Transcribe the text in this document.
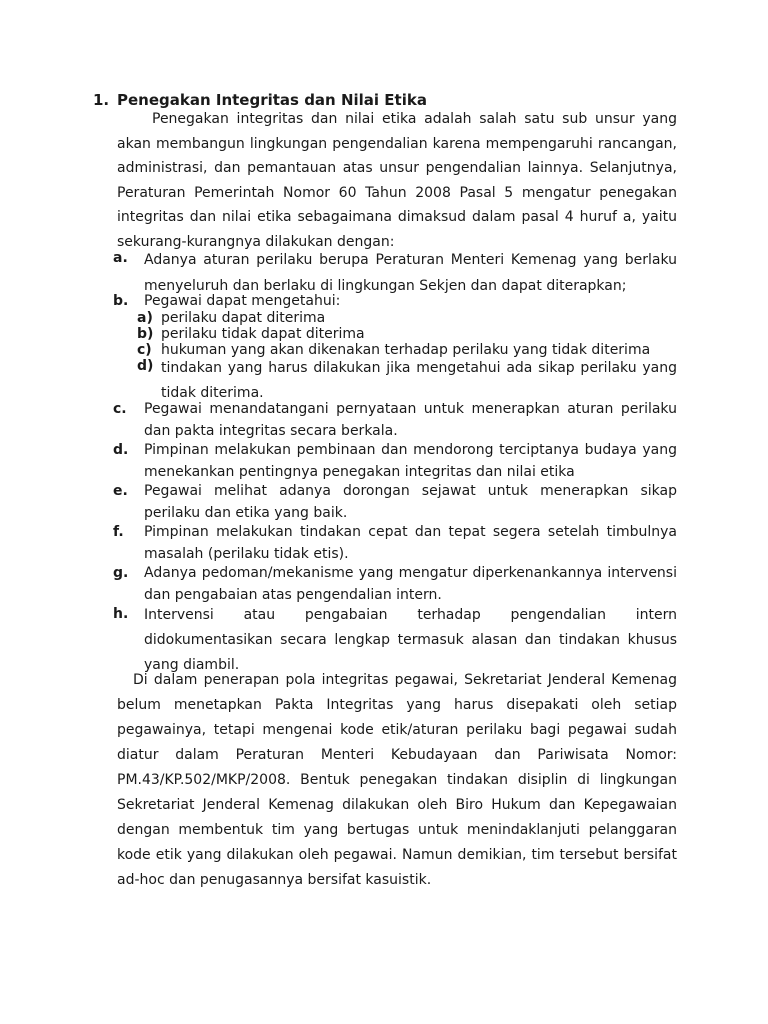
1. Penegakan Integritas dan Nilai Etika

Penegakan integritas dan nilai etika adalah salah satu sub unsur yang akan membangun lingkungan pengendalian karena mempengaruhi rancangan, administrasi, dan pemantauan atas unsur pengendalian lainnya. Selanjutnya, Peraturan Pemerintah Nomor 60 Tahun 2008 Pasal 5 mengatur penegakan integritas dan nilai etika sebagaimana dimaksud dalam pasal 4 huruf a, yaitu sekurang-kurangnya dilakukan dengan:

a.	Adanya aturan perilaku berupa Peraturan Menteri Kemenag yang berlaku menyeluruh dan berlaku di lingkungan Sekjen dan dapat diterapkan;
b.	Pegawai dapat mengetahui:
a) perilaku dapat diterima
b) perilaku tidak dapat diterima
c) hukuman yang akan dikenakan terhadap perilaku yang tidak diterima
d) tindakan yang harus dilakukan jika mengetahui ada sikap perilaku yang tidak diterima.
c.	Pegawai menandatangani pernyataan untuk menerapkan aturan perilaku dan pakta integritas secara berkala.
d.	Pimpinan melakukan pembinaan dan mendorong terciptanya budaya yang menekankan pentingnya penegakan integritas dan nilai etika
e.	Pegawai melihat adanya dorongan sejawat untuk menerapkan sikap perilaku dan etika yang baik.
f.	Pimpinan melakukan tindakan cepat dan tepat segera setelah timbulnya masalah (perilaku tidak etis).
g.	Adanya pedoman/mekanisme yang mengatur diperkenankannya intervensi dan pengabaian atas pengendalian intern.
h.	Intervensi atau pengabaian terhadap pengendalian intern didokumentasikan secara lengkap termasuk alasan dan tindakan khusus yang diambil.

Di dalam penerapan pola integritas pegawai, Sekretariat Jenderal Kemenag belum menetapkan Pakta Integritas yang harus disepakati oleh setiap pegawainya, tetapi mengenai kode etik/aturan perilaku bagi pegawai sudah diatur dalam Peraturan Menteri Kebudayaan dan Pariwisata Nomor: PM.43/KP.502/MKP/2008. Bentuk penegakan tindakan disiplin di lingkungan Sekretariat Jenderal Kemenag dilakukan oleh Biro Hukum dan Kepegawaian dengan membentuk tim yang bertugas untuk menindaklanjuti pelanggaran kode etik yang dilakukan oleh pegawai. Namun demikian, tim tersebut bersifat ad-hoc dan penugasannya bersifat kasuistik.
